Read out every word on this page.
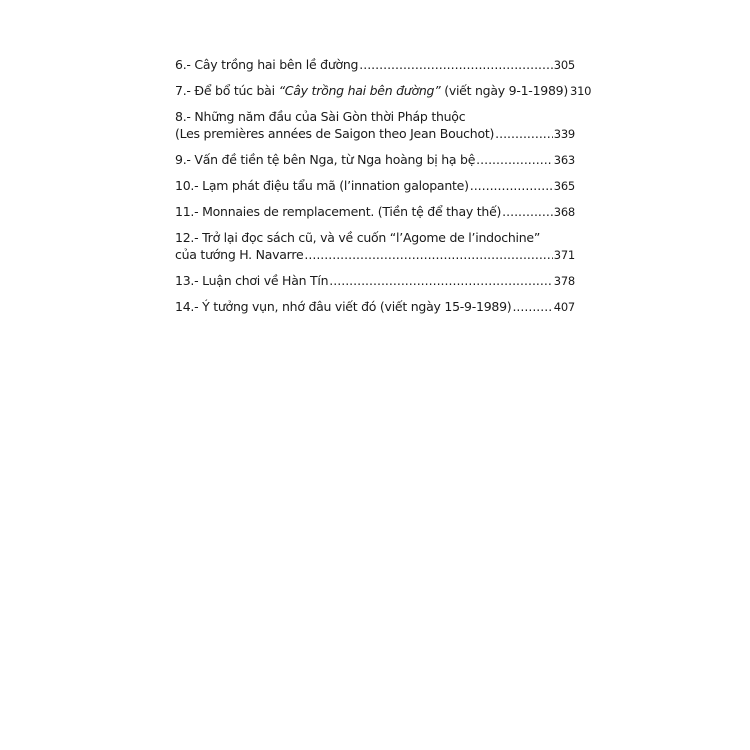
6.- Cây trồng hai bên lề đường .....	305
7.- Để bổ túc bài “Cây trồng hai bên đường” (viết ngày 9-1-1989) 310
8.- Những năm đầu của Sài Gòn thời Pháp thuộc
(Les premières années de Saigon theo Jean Bouchot) .....	339
9.- Vấn đề tiền tệ bên Nga, từ Nga hoàng bị hạ bệ .....	363
10.- Lạm phát điệu tẩu mã (l’innation galopante) .....	365
11.- Monnaies de remplacement. (Tiền tệ để thay thế) .....	368
12.- Trở lại đọc sách cũ, và về cuốn “l’Agome de l’indochine”
của tướng H. Navarre .....	371
13.- Luận chơi về Hàn Tín .....	378
14.- Ý tưởng vụn, nhớ đâu viết đó (viết ngày 15-9-1989) .....	407
